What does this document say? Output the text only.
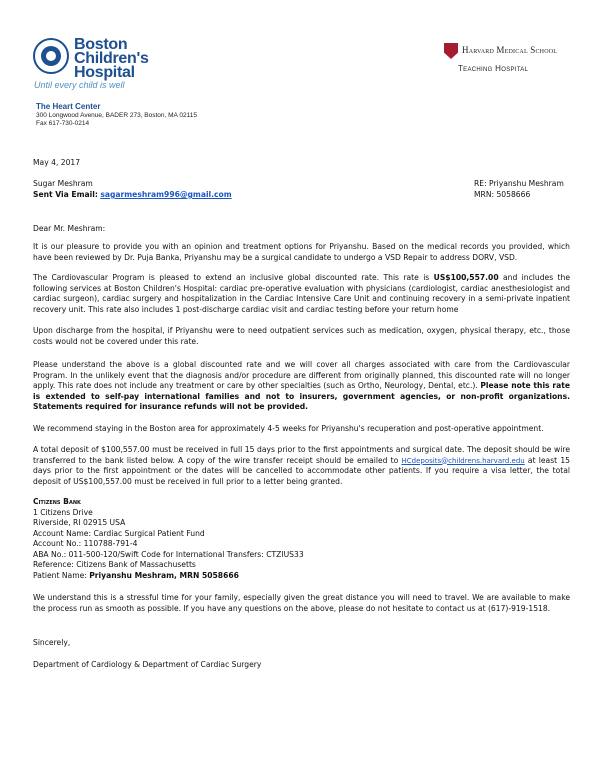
Boston
Children's
Hospital
Until every child is well
Harvard Medical School
Teaching Hospital
The Heart Center
300 Longwood Avenue, BADER 273, Boston, MA 02115
Fax 617-730-0214
May 4, 2017
Sugar Meshram
Sent Via Email: sagarmeshram996@gmail.com
RE: Priyanshu Meshram
MRN: 5058666
Dear Mr. Meshram:
It is our pleasure to provide you with an opinion and treatment options for Priyanshu. Based on the medical records you provided, which have been reviewed by Dr. Puja Banka, Priyanshu may be a surgical candidate to undergo a VSD Repair to address DORV, VSD.
The Cardiovascular Program is pleased to extend an inclusive global discounted rate. This rate is US$100,557.00 and includes the following services at Boston Children's Hospital: cardiac pre-operative evaluation with physicians (cardiologist, cardiac anesthesiologist and cardiac surgeon), cardiac surgery and hospitalization in the Cardiac Intensive Care Unit and continuing recovery in a semi-private inpatient recovery unit. This rate also includes 1 post-discharge cardiac visit and cardiac testing before your return home
Upon discharge from the hospital, if Priyanshu were to need outpatient services such as medication, oxygen, physical therapy, etc., those costs would not be covered under this rate.
Please understand the above is a global discounted rate and we will cover all charges associated with care from the Cardiovascular Program. In the unlikely event that the diagnosis and/or procedure are different from originally planned, this discounted rate will no longer apply. This rate does not include any treatment or care by other specialties (such as Ortho, Neurology, Dental, etc.). Please note this rate is extended to self-pay international families and not to insurers, government agencies, or non-profit organizations. Statements required for insurance refunds will not be provided.
We recommend staying in the Boston area for approximately 4-5 weeks for Priyanshu's recuperation and post-operative appointment.
A total deposit of $100,557.00 must be received in full 15 days prior to the first appointments and surgical date. The deposit should be wire transferred to the bank listed below. A copy of the wire transfer receipt should be emailed to HCdeposits@childrens.harvard.edu at least 15 days prior to the first appointment or the dates will be cancelled to accommodate other patients. If you require a visa letter, the total deposit of US$100,557.00 must be received in full prior to a letter being granted.
Citizens Bank
1 Citizens Drive
Riverside, RI 02915 USA
Account Name: Cardiac Surgical Patient Fund
Account No.: 110788-791-4
ABA No.: 011-500-120/Swift Code for International Transfers: CTZIUS33
Reference: Citizens Bank of Massachusetts
Patient Name: Priyanshu Meshram, MRN 5058666
We understand this is a stressful time for your family, especially given the great distance you will need to travel. We are available to make the process run as smooth as possible. If you have any questions on the above, please do not hesitate to contact us at (617)-919-1518.
Sincerely,
Department of Cardiology & Department of Cardiac Surgery
